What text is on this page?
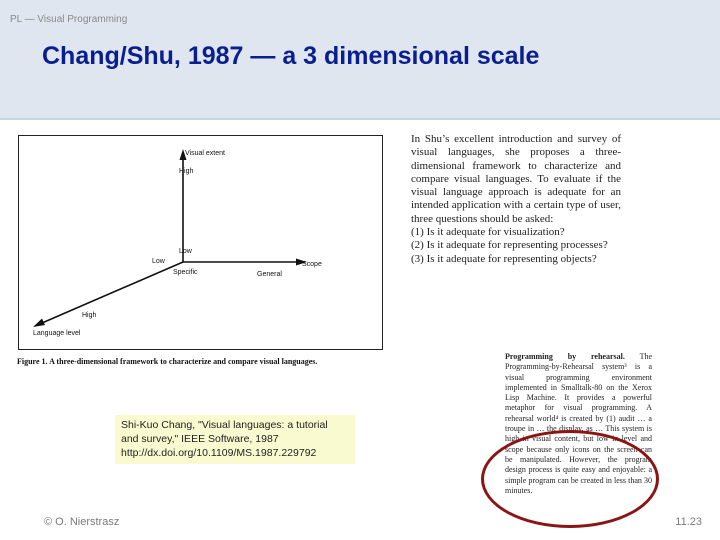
PL — Visual Programming
Chang/Shu, 1987 — a 3 dimensional scale
Visual extent
High
Low
Low	Scope
Specific	General
High
Language level
Figure 1. A three-dimensional framework to characterize and compare visual languages.
In Shu’s excellent introduction and survey of visual languages, she proposes a three-dimensional framework to characterize and compare visual languages. To evaluate if the visual language approach is adequate for an intended application with a certain type of user, three questions should be asked:
(1) Is it adequate for visualization?
(2) Is it adequate for representing processes?
(3) Is it adequate for representing objects?
Programming by rehearsal. The Programming-by-Rehearsal system³ is a visual programming environment implemented in Smalltalk-80 on the Xerox Lisp Machine. It provides a powerful metaphor for visual programming. A rehearsal world⁴ is created by (1) audit … a troupe in … the display, as … This system is high in visual content, but low in level and scope because only icons on the screen can be manipulated. However, the program design process is quite easy and enjoyable: a simple program can be created in less than 30 minutes.
Shi-Kuo Chang, "Visual languages: a tutorial
and survey," IEEE Software, 1987
http://dx.doi.org/10.1109/MS.1987.229792
© O. Nierstrasz	11.23
